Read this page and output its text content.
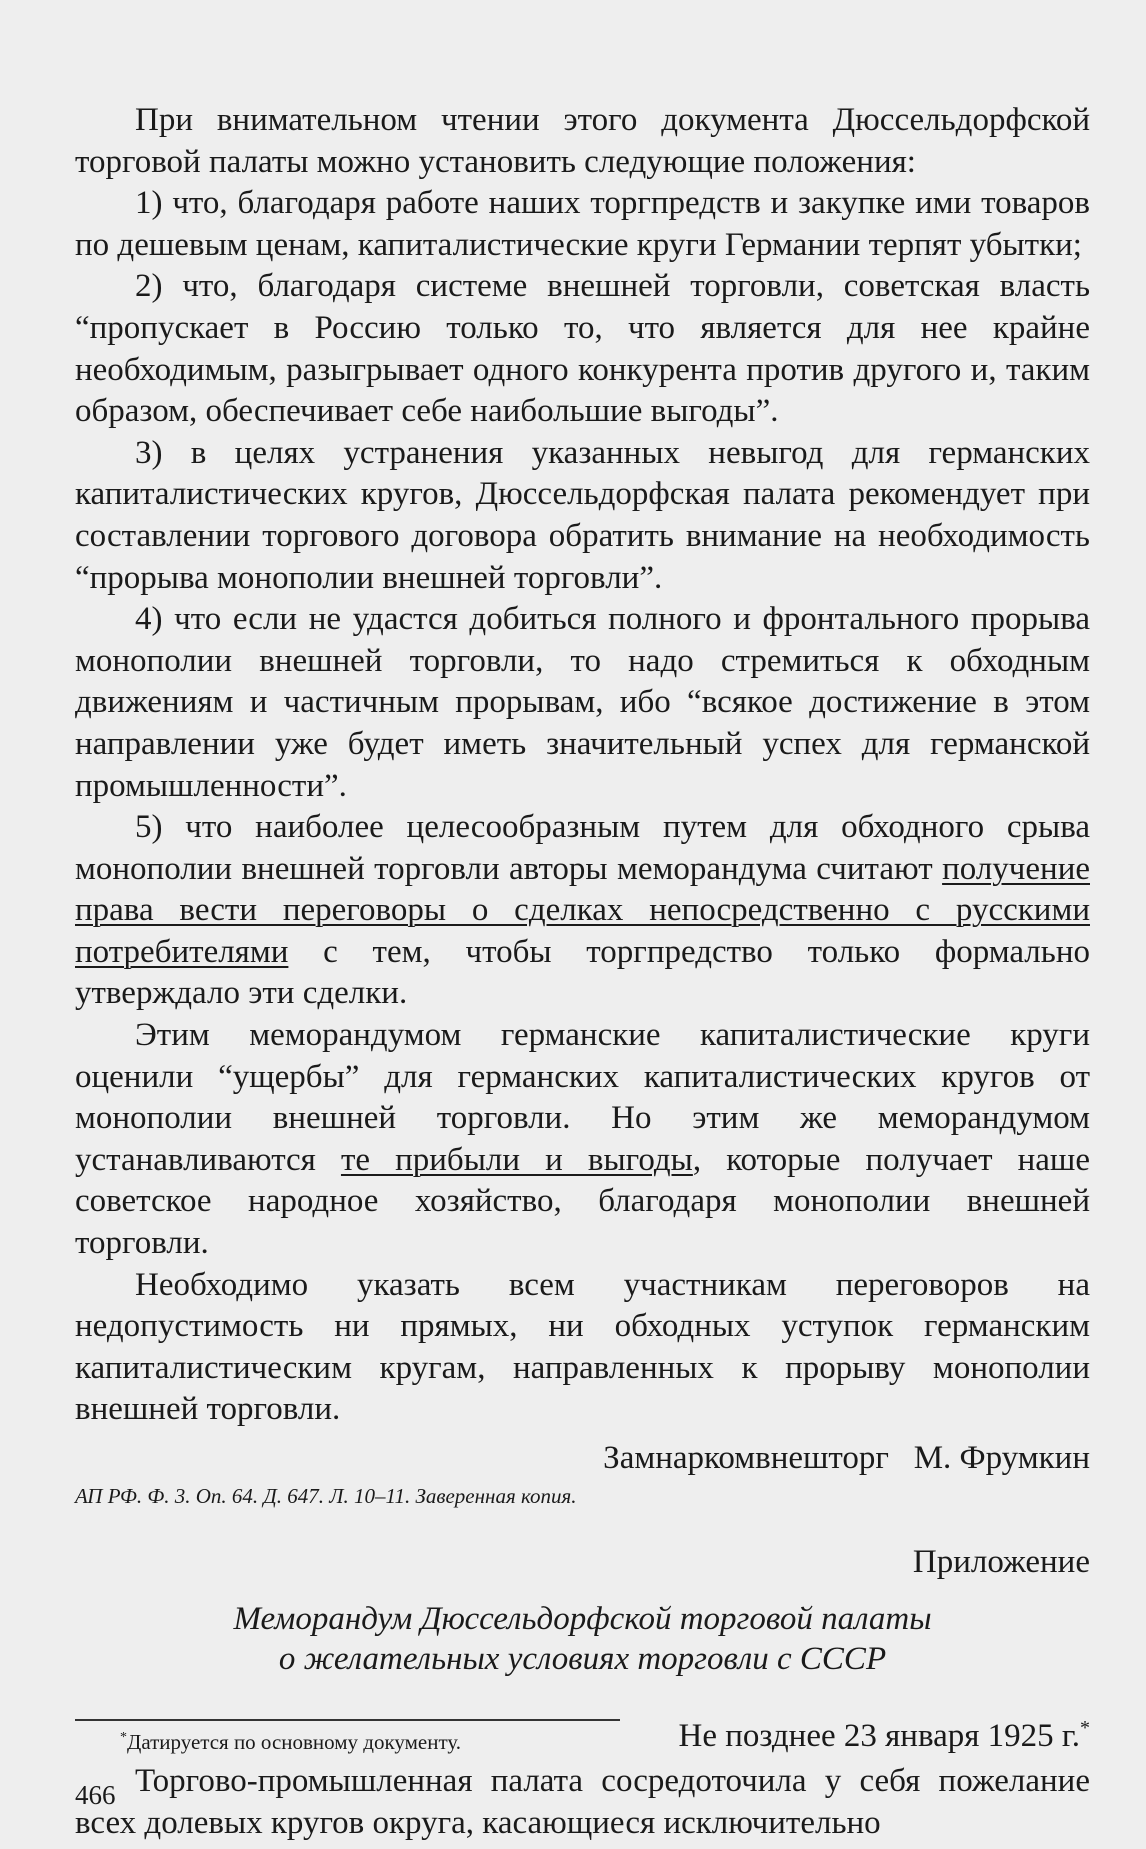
При внимательном чтении этого документа Дюссельдорфской торговой палаты можно установить следующие положения:

1) что, благодаря работе наших торгпредств и закупке ими товаров по дешевым ценам, капиталистические круги Германии терпят убытки;

2) что, благодаря системе внешней торговли, советская власть “пропускает в Россию только то, что является для нее крайне необходимым, разыгрывает одного конкурента против другого и, таким образом, обеспечивает себе наибольшие выгоды”.

3) в целях устранения указанных невыгод для германских капиталистических кругов, Дюссельдорфская палата рекомендует при составлении торгового договора обратить внимание на необходимость “прорыва монополии внешней торговли”.

4) что если не удастся добиться полного и фронтального прорыва монополии внешней торговли, то надо стремиться к обходным движениям и частичным прорывам, ибо “всякое достижение в этом направлении уже будет иметь значительный успех для германской промышленности”.

5) что наиболее целесообразным путем для обходного срыва монополии внешней торговли авторы меморандума считают получение права вести переговоры о сделках непосредственно с русскими потребителями с тем, чтобы торгпредство только формально утверждало эти сделки.

Этим меморандумом германские капиталистические круги оценили “ущербы” для германских капиталистических кругов от монополии внешней торговли. Но этим же меморандумом устанавливаются те прибыли и выгоды, которые получает наше советское народное хозяйство, благодаря монополии внешней торговли.

Необходимо указать всем участникам переговоров на недопустимость ни прямых, ни обходных уступок германским капиталистическим кругам, направленных к прорыву монополии внешней торговли.

Замнаркомвнешторг   М. Фрумкин

АП РФ. Ф. 3. Оп. 64. Д. 647. Л. 10–11. Заверенная копия.

Приложение

Меморандум Дюссельдорфской торговой палаты
о желательных условиях торговли с СССР

Не позднее 23 января 1925 г.*

Торгово-промышленная палата сосредоточила у себя пожелание всех долевых кругов округа, касающиеся исключительно

*Датируется по основному документу.
466
